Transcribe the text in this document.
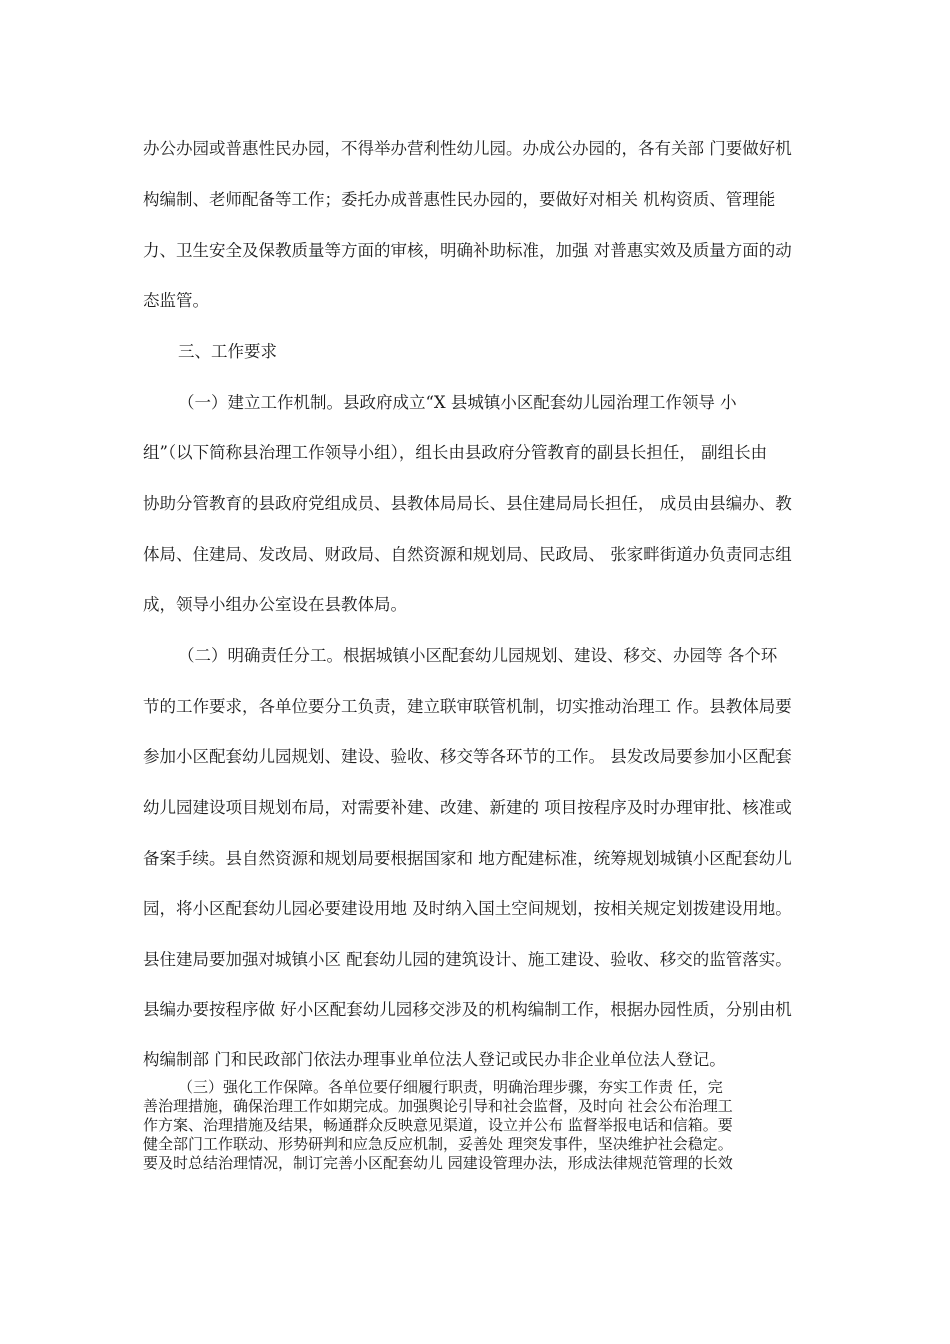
办公办园或普惠性民办园，不得举办营利性幼儿园。办成公办园的，各有关部 门要做好机
构编制、老师配备等工作；委托办成普惠性民办园的，要做好对相关 机构资质、管理能
力、卫生安全及保教质量等方面的审核，明确补助标准，加强 对普惠实效及质量方面的动
态监管。
三、工作要求
（一）建立工作机制。县政府成立“X 县城镇小区配套幼儿园治理工作领导 小
组”（以下简称县治理工作领导小组），组长由县政府分管教育的副县长担任， 副组长由
协助分管教育的县政府党组成员、县教体局局长、县住建局局长担任， 成员由县编办、教
体局、住建局、发改局、财政局、自然资源和规划局、民政局、 张家畔街道办负责同志组
成，领导小组办公室设在县教体局。
（二）明确责任分工。根据城镇小区配套幼儿园规划、建设、移交、办园等 各个环
节的工作要求，各单位要分工负责，建立联审联管机制，切实推动治理工 作。县教体局要
参加小区配套幼儿园规划、建设、验收、移交等各环节的工作。 县发改局要参加小区配套
幼儿园建设项目规划布局，对需要补建、改建、新建的 项目按程序及时办理审批、核准或
备案手续。县自然资源和规划局要根据国家和 地方配建标准，统筹规划城镇小区配套幼儿
园，将小区配套幼儿园必要建设用地 及时纳入国土空间规划，按相关规定划拨建设用地。
县住建局要加强对城镇小区 配套幼儿园的建筑设计、施工建设、验收、移交的监管落实。
县编办要按程序做 好小区配套幼儿园移交涉及的机构编制工作，根据办园性质，分别由机
构编制部 门和民政部门依法办理事业单位法人登记或民办非企业单位法人登记。
（三）强化工作保障。各单位要仔细履行职责，明确治理步骤，夯实工作责 任，完
善治理措施，确保治理工作如期完成。加强舆论引导和社会监督，及时向 社会公布治理工
作方案、治理措施及结果，畅通群众反映意见渠道，设立并公布 监督举报电话和信箱。要
健全部门工作联动、形势研判和应急反应机制，妥善处 理突发事件，坚决维护社会稳定。
要及时总结治理情况，制订完善小区配套幼儿 园建设管理办法，形成法律规范管理的长效
